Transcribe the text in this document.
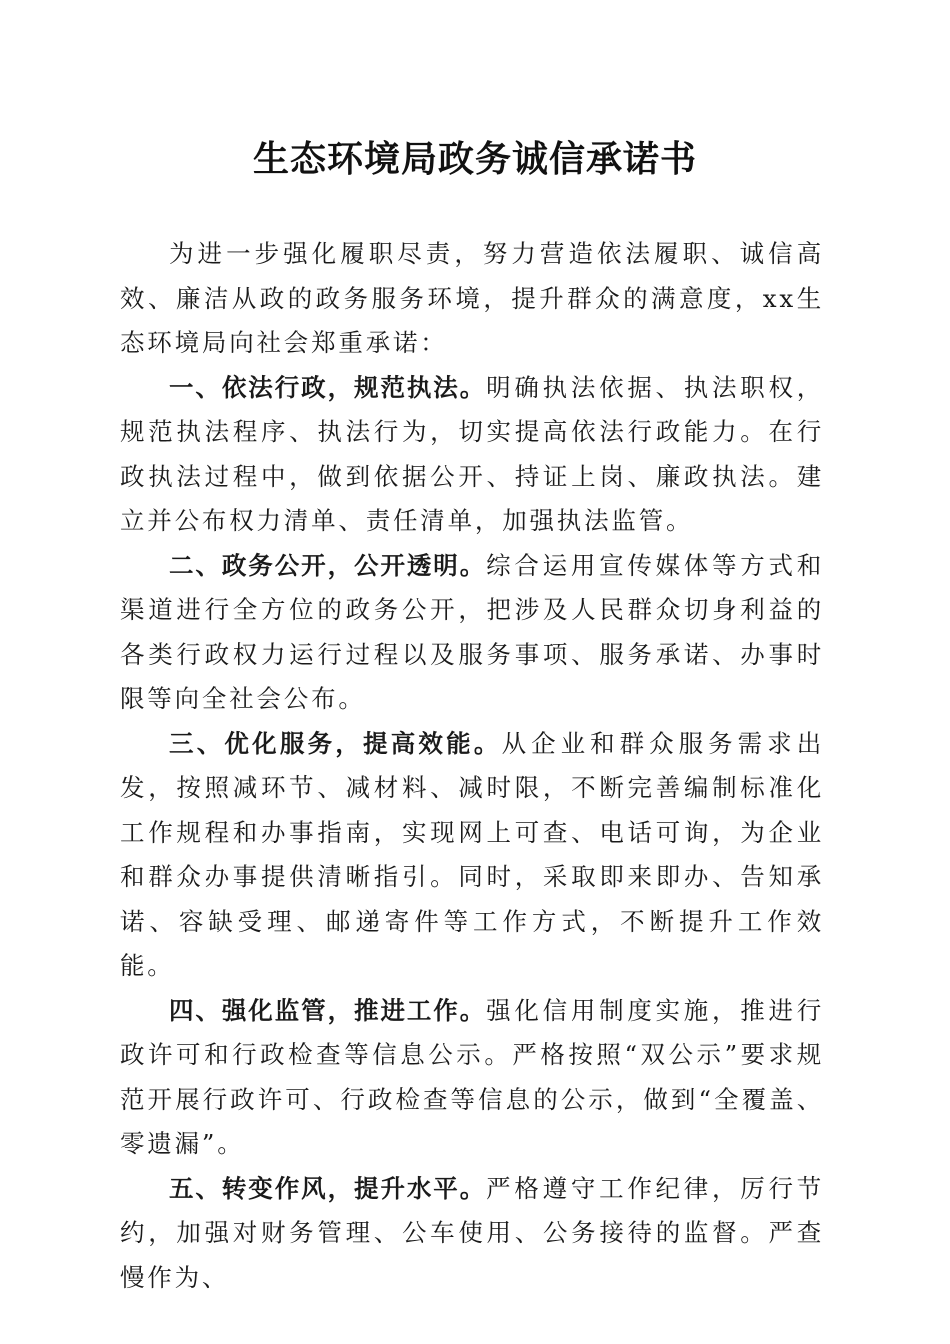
生态环境局政务诚信承诺书

为进一步强化履职尽责，努力营造依法履职、诚信高效、廉洁从政的政务服务环境，提升群众的满意度，xx生态环境局向社会郑重承诺：

一、依法行政，规范执法。明确执法依据、执法职权，规范执法程序、执法行为，切实提高依法行政能力。在行政执法过程中，做到依据公开、持证上岗、廉政执法。建立并公布权力清单、责任清单，加强执法监管。

二、政务公开，公开透明。综合运用宣传媒体等方式和渠道进行全方位的政务公开，把涉及人民群众切身利益的各类行政权力运行过程以及服务事项、服务承诺、办事时限等向全社会公布。

三、优化服务，提高效能。从企业和群众服务需求出发，按照减环节、减材料、减时限，不断完善编制标准化工作规程和办事指南，实现网上可查、电话可询，为企业和群众办事提供清晰指引。同时，采取即来即办、告知承诺、容缺受理、邮递寄件等工作方式，不断提升工作效能。

四、强化监管，推进工作。强化信用制度实施，推进行政许可和行政检查等信息公示。严格按照“双公示”要求规范开展行政许可、行政检查等信息的公示，做到“全覆盖、零遗漏”。

五、转变作风，提升水平。严格遵守工作纪律，厉行节约，加强对财务管理、公车使用、公务接待的监督。严查慢作为、
